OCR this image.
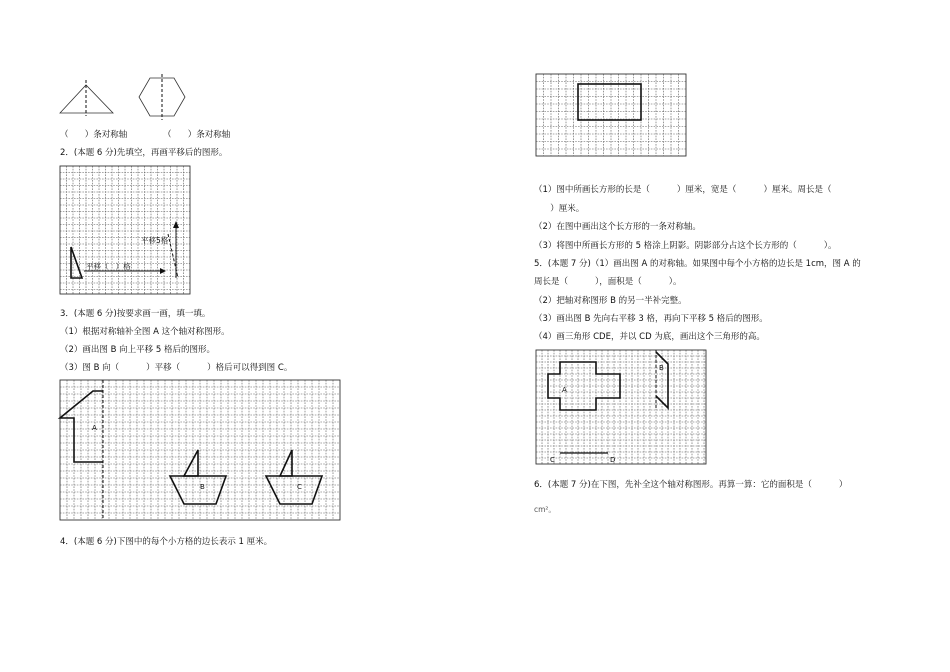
（      ）条对称轴	（      ）条对称轴
2．(本题 6 分)先填空，再画平移后的图形。
平移（   ）格
平移5格
3．(本题 6 分)按要求画一画，填一填。
（1）根据对称轴补全图 A 这个轴对称图形。
（2）画出图 B 向上平移 5 格后的图形。
（3）图 B 向（          ）平移（          ）格后可以得到图 C。
A
B	C
4．(本题 6 分)下图中的每个小方格的边长表示 1 厘米。
（1）图中所画长方形的长是（          ）厘米，宽是（          ）厘米。周长是（
）厘米。
（2）在图中画出这个长方形的一条对称轴。
（3）将图中所画长方形的 5 格涂上阴影。阴影部分占这个长方形的（          ）。
5．(本题 7 分)（1）画出图 A 的对称轴。如果图中每个小方格的边长是 1cm，图 A 的
周长是（          ），面积是（          ）。
（2）把轴对称图形 B 的另一半补完整。
（3）画出图 B 先向右平移 3 格，再向下平移 5 格后的图形。
（4）画三角形 CDE，并以 CD 为底，画出这个三角形的高。
A
B
C	D
6．(本题 7 分)在下图，先补全这个轴对称图形。再算一算：它的面积是（          ）
cm²。
